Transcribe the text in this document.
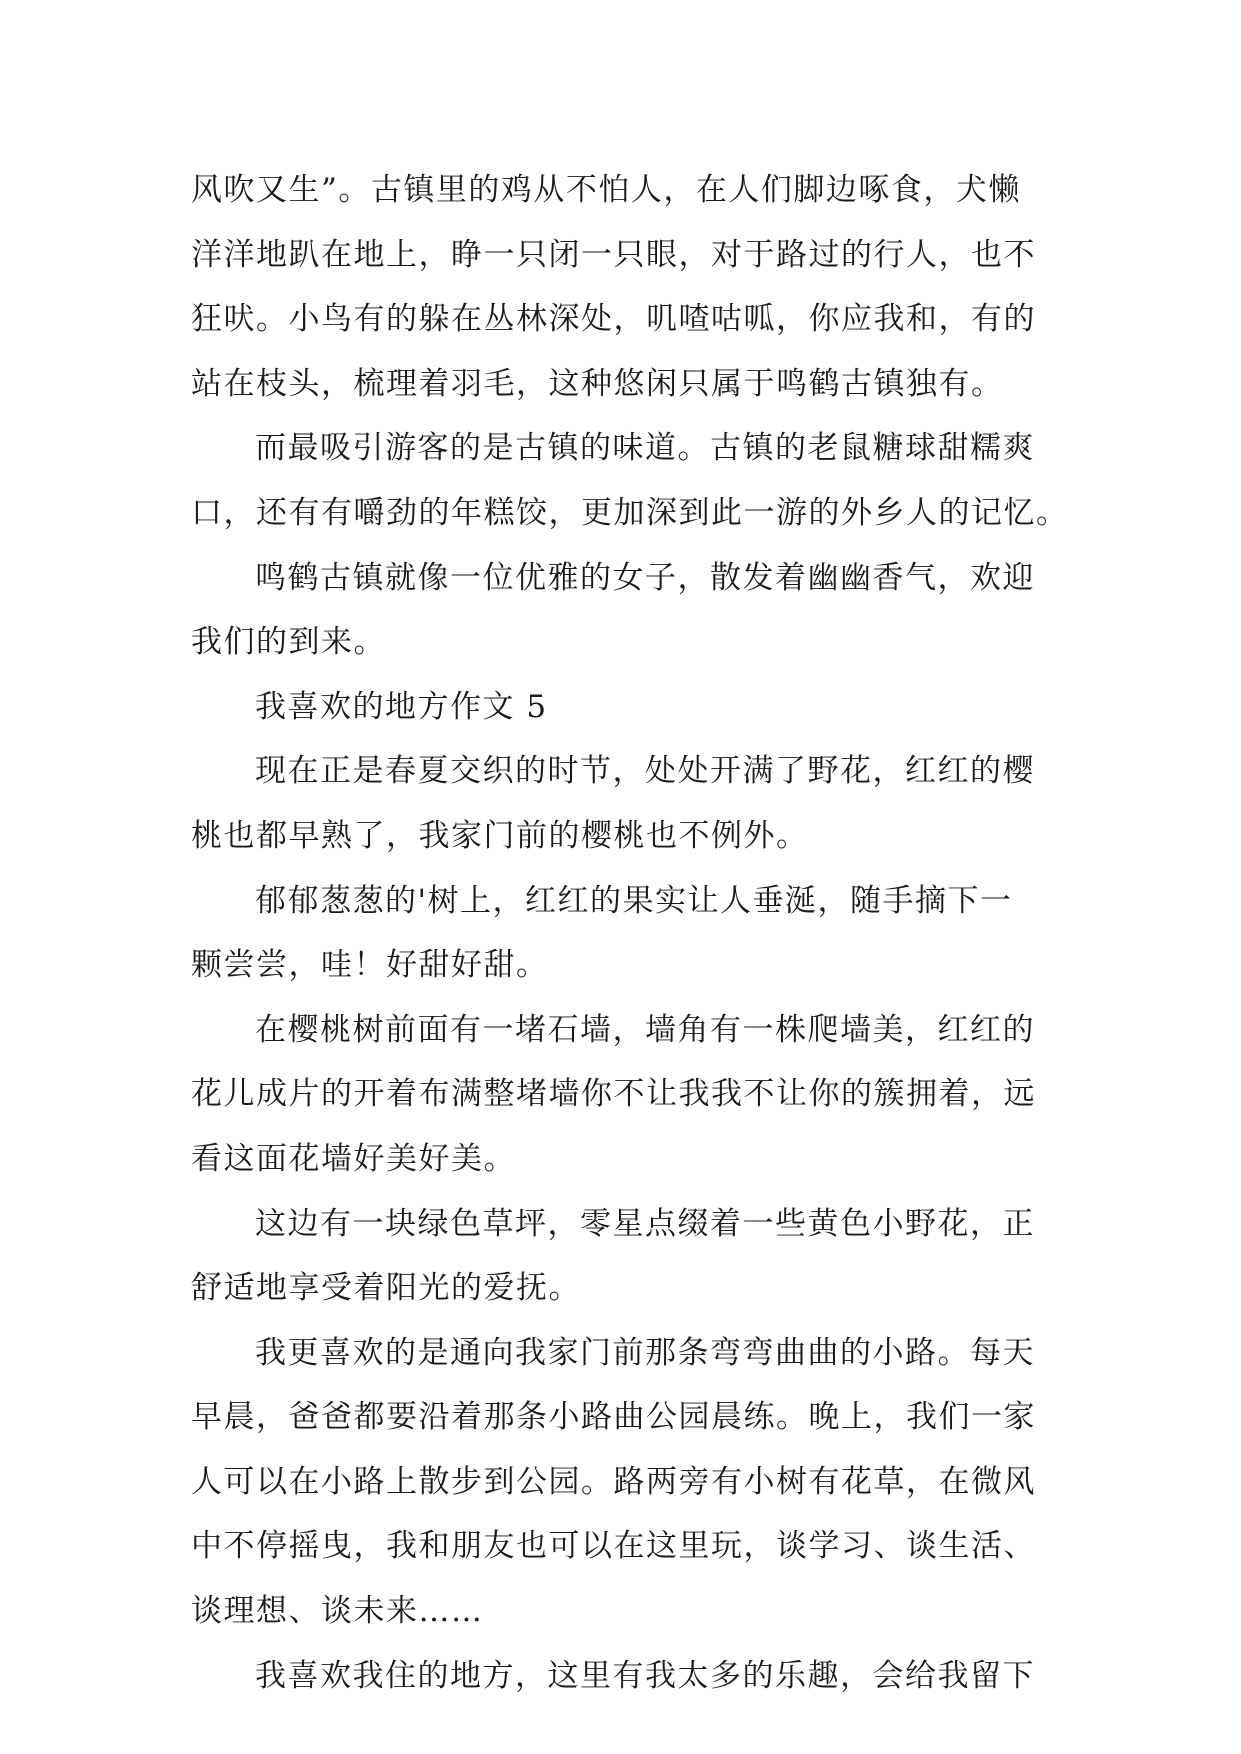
风吹又生”。古镇里的鸡从不怕人，在人们脚边啄食，犬懒
洋洋地趴在地上，睁一只闭一只眼，对于路过的行人，也不
狂吠。小鸟有的躲在丛林深处，叽喳咕呱，你应我和，有的
站在枝头，梳理着羽毛，这种悠闲只属于鸣鹤古镇独有。
而最吸引游客的是古镇的味道。古镇的老鼠糖球甜糯爽
口，还有有嚼劲的年糕饺，更加深到此一游的外乡人的记忆。
鸣鹤古镇就像一位优雅的女子，散发着幽幽香气，欢迎
我们的到来。
我喜欢的地方作文 5
现在正是春夏交织的时节，处处开满了野花，红红的樱
桃也都早熟了，我家门前的樱桃也不例外。
郁郁葱葱的'树上，红红的果实让人垂涎，随手摘下一
颗尝尝，哇！好甜好甜。
在樱桃树前面有一堵石墙，墙角有一株爬墙美，红红的
花儿成片的开着布满整堵墙你不让我我不让你的簇拥着，远
看这面花墙好美好美。
这边有一块绿色草坪，零星点缀着一些黄色小野花，正
舒适地享受着阳光的爱抚。
我更喜欢的是通向我家门前那条弯弯曲曲的小路。每天
早晨，爸爸都要沿着那条小路曲公园晨练。晚上，我们一家
人可以在小路上散步到公园。路两旁有小树有花草，在微风
中不停摇曳，我和朋友也可以在这里玩，谈学习、谈生活、
谈理想、谈未来……
我喜欢我住的地方，这里有我太多的乐趣，会给我留下
